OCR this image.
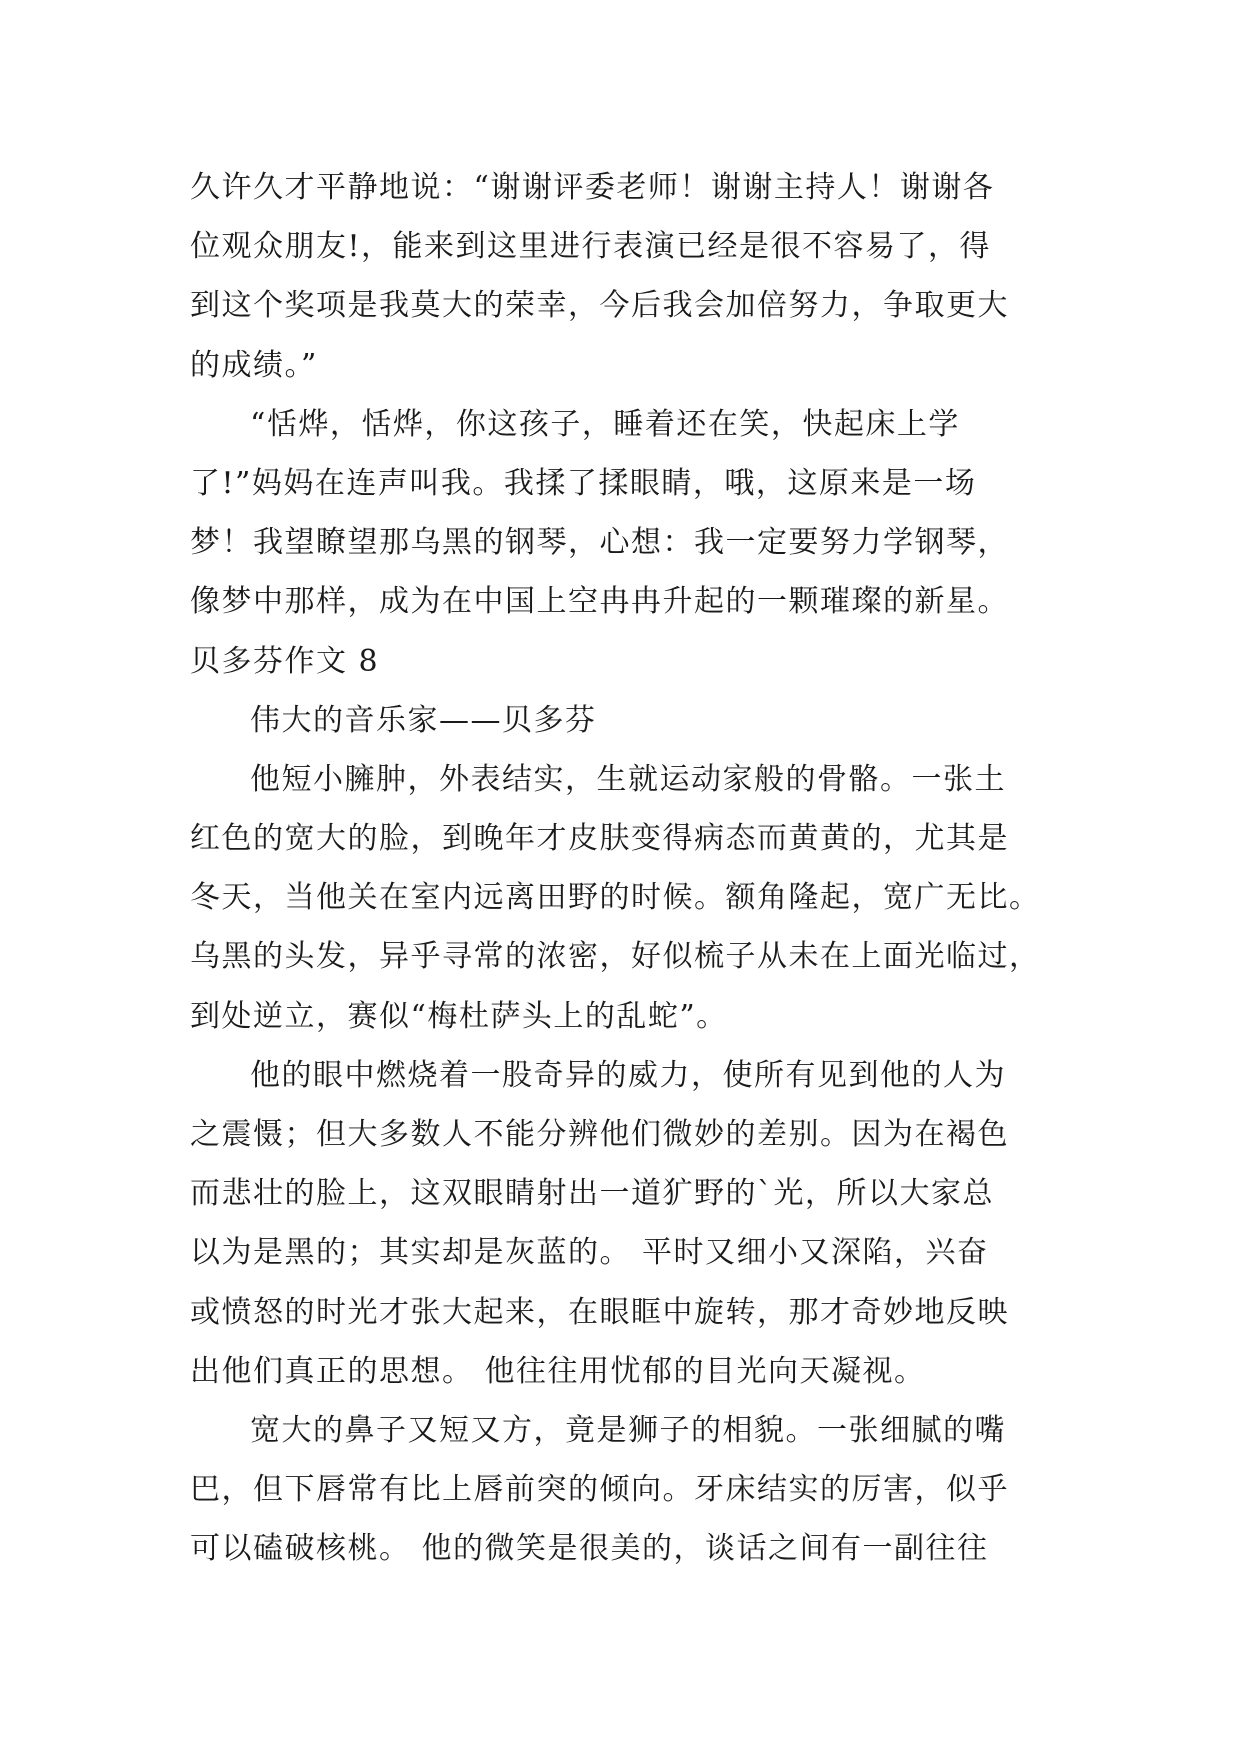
久许久才平静地说：“谢谢评委老师！谢谢主持人！谢谢各
位观众朋友!，能来到这里进行表演已经是很不容易了，得
到这个奖项是我莫大的荣幸，今后我会加倍努力，争取更大
的成绩。”
“恬烨，恬烨，你这孩子，睡着还在笑，快起床上学
了!”妈妈在连声叫我。我揉了揉眼睛，哦，这原来是一场
梦！我望瞭望那乌黑的钢琴，心想：我一定要努力学钢琴，
像梦中那样，成为在中国上空冉冉升起的一颗璀璨的新星。
贝多芬作文 8
伟大的音乐家——贝多芬
他短小臃肿，外表结实，生就运动家般的骨骼。一张土
红色的宽大的脸，到晚年才皮肤变得病态而黄黄的，尤其是
冬天，当他关在室内远离田野的时候。额角隆起，宽广无比。
乌黑的头发，异乎寻常的浓密，好似梳子从未在上面光临过，
到处逆立，赛似“梅杜萨头上的乱蛇”。
他的眼中燃烧着一股奇异的威力，使所有见到他的人为
之震慑；但大多数人不能分辨他们微妙的差别。因为在褐色
而悲壮的脸上，这双眼睛射出一道犷野的`光，所以大家总
以为是黑的；其实却是灰蓝的。 平时又细小又深陷，兴奋
或愤怒的时光才张大起来，在眼眶中旋转，那才奇妙地反映
出他们真正的思想。 他往往用忧郁的目光向天凝视。
宽大的鼻子又短又方，竟是狮子的相貌。一张细腻的嘴
巴，但下唇常有比上唇前突的倾向。牙床结实的厉害，似乎
可以磕破核桃。 他的微笑是很美的，谈话之间有一副往往
